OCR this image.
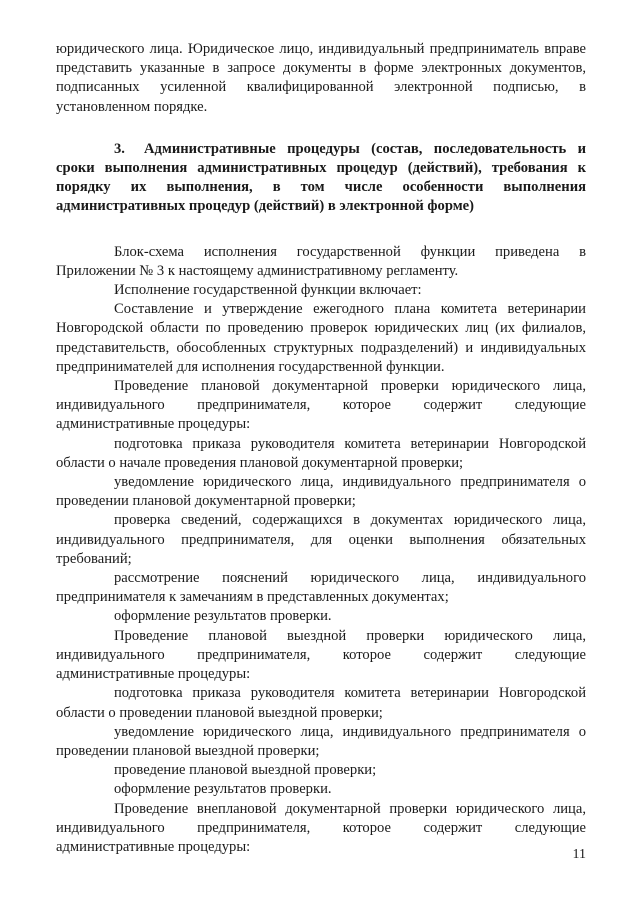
юридического лица. Юридическое лицо, индивидуальный предприниматель вправе представить указанные в запросе документы в форме электронных документов, подписанных усиленной квалифицированной электронной подписью, в установленном порядке.

3. Административные процедуры (состав, последовательность и сроки выполнения административных процедур (действий), требования к порядку их выполнения, в том числе особенности выполнения административных процедур (действий) в электронной форме)

Блок-схема исполнения государственной функции приведена в Приложении № 3 к настоящему административному регламенту.

Исполнение государственной функции включает:

Составление и утверждение ежегодного плана комитета ветеринарии Новгородской области по проведению проверок юридических лиц (их филиалов, представительств, обособленных структурных подразделений) и индивидуальных предпринимателей для исполнения государственной функции.

Проведение плановой документарной проверки юридического лица, индивидуального предпринимателя, которое содержит следующие административные процедуры:

подготовка приказа руководителя комитета ветеринарии Новгородской области о начале проведения плановой документарной проверки;

уведомление юридического лица, индивидуального предпринимателя о проведении плановой документарной проверки;

проверка сведений, содержащихся в документах юридического лица, индивидуального предпринимателя, для оценки выполнения обязательных требований;

рассмотрение пояснений юридического лица, индивидуального предпринимателя к замечаниям в представленных документах;

оформление результатов проверки.

Проведение плановой выездной проверки юридического лица, индивидуального предпринимателя, которое содержит следующие административные процедуры:

подготовка приказа руководителя комитета ветеринарии Новгородской области о проведении плановой выездной проверки;

уведомление юридического лица, индивидуального предпринимателя о проведении плановой выездной проверки;

проведение плановой выездной проверки;

оформление результатов проверки.

Проведение внеплановой документарной проверки юридического лица, индивидуального предпринимателя, которое содержит следующие административные процедуры:	11
